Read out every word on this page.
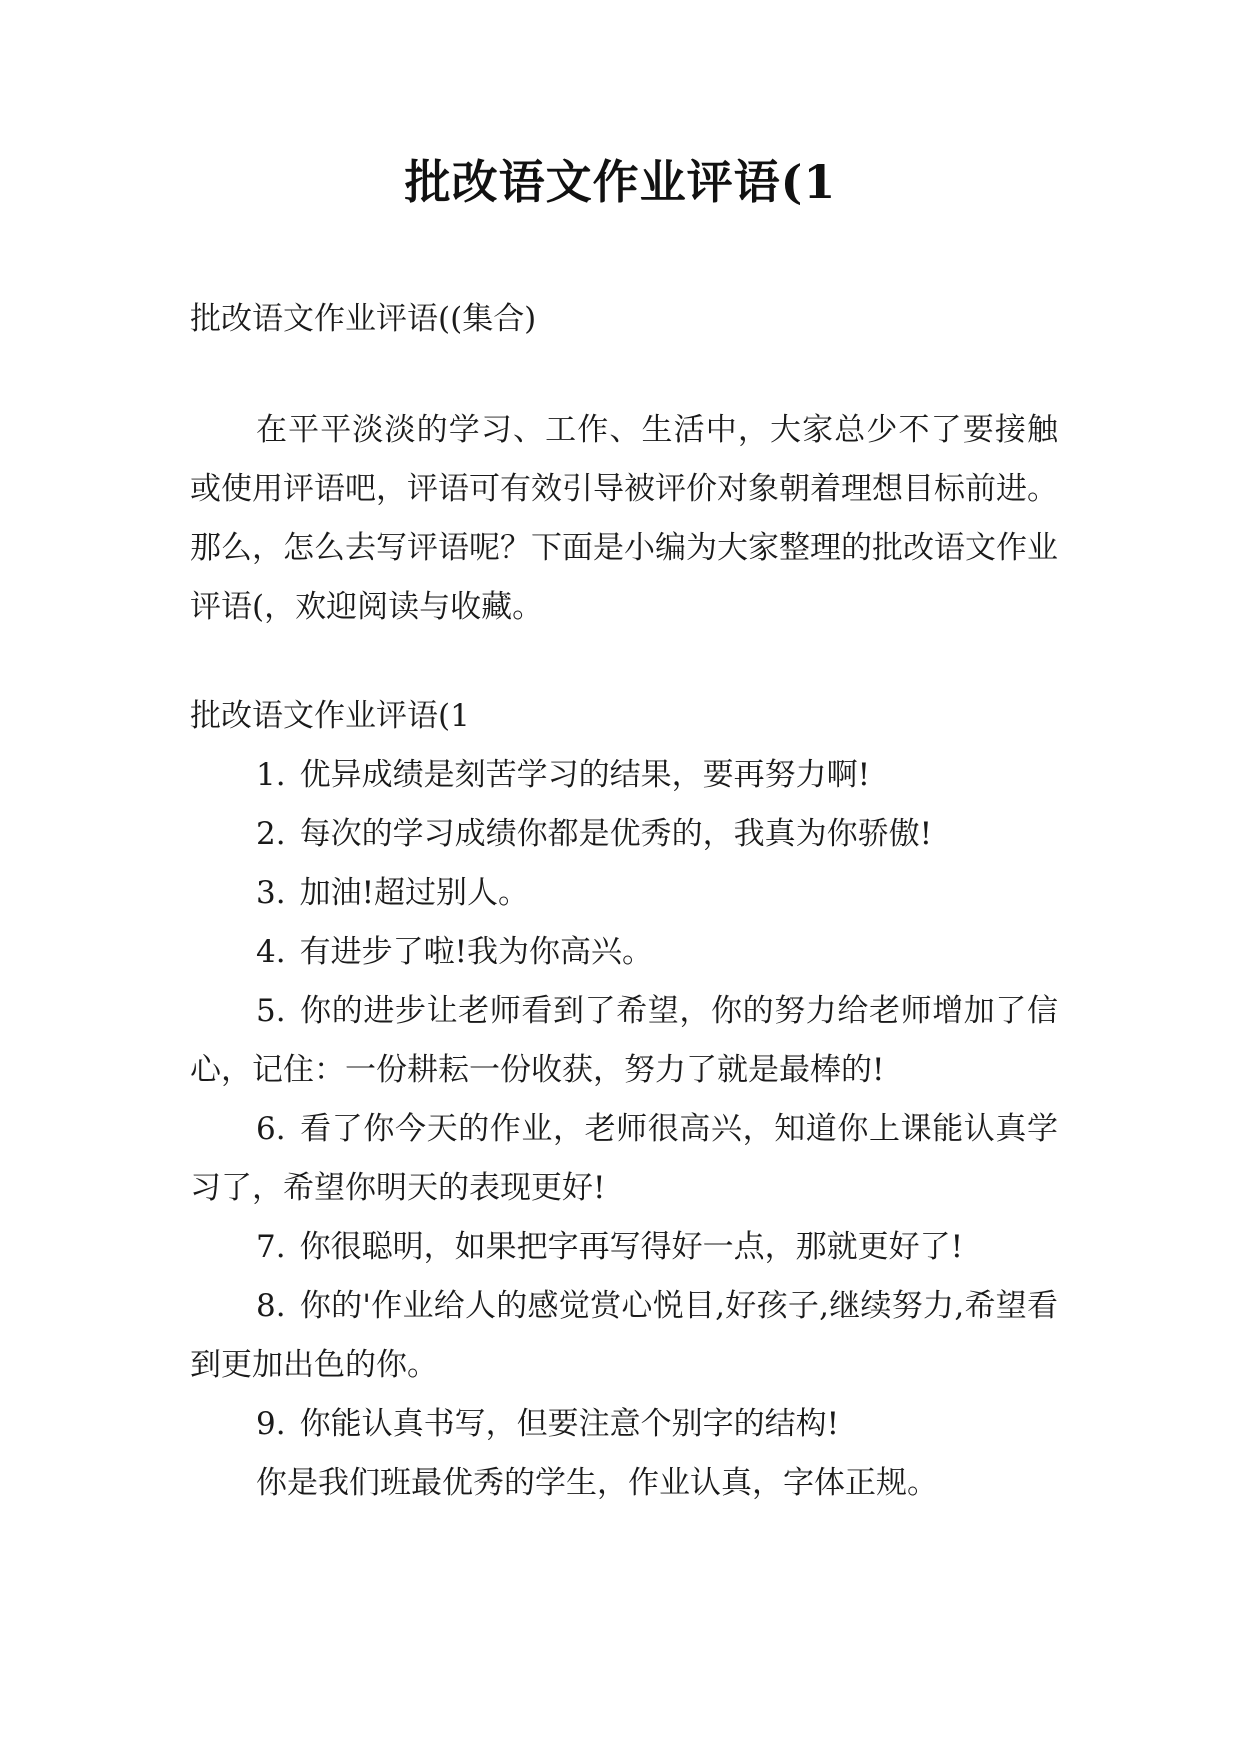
批改语文作业评语(1

批改语文作业评语((集合)

在平平淡淡的学习、工作、生活中，大家总少不了要接触或使用评语吧，评语可有效引导被评价对象朝着理想目标前进。那么，怎么去写评语呢？下面是小编为大家整理的批改语文作业评语(，欢迎阅读与收藏。

批改语文作业评语(1

1. 优异成绩是刻苦学习的结果，要再努力啊!

2. 每次的学习成绩你都是优秀的，我真为你骄傲!

3. 加油!超过别人。

4. 有进步了啦!我为你高兴。

5. 你的进步让老师看到了希望，你的努力给老师增加了信心，记住：一份耕耘一份收获，努力了就是最棒的!

6. 看了你今天的作业，老师很高兴，知道你上课能认真学习了，希望你明天的表现更好!

7. 你很聪明，如果把字再写得好一点，那就更好了!

8. 你的'作业给人的感觉赏心悦目,好孩子,继续努力,希望看到更加出色的你。

9. 你能认真书写，但要注意个别字的结构!

你是我们班最优秀的学生，作业认真，字体正规。
